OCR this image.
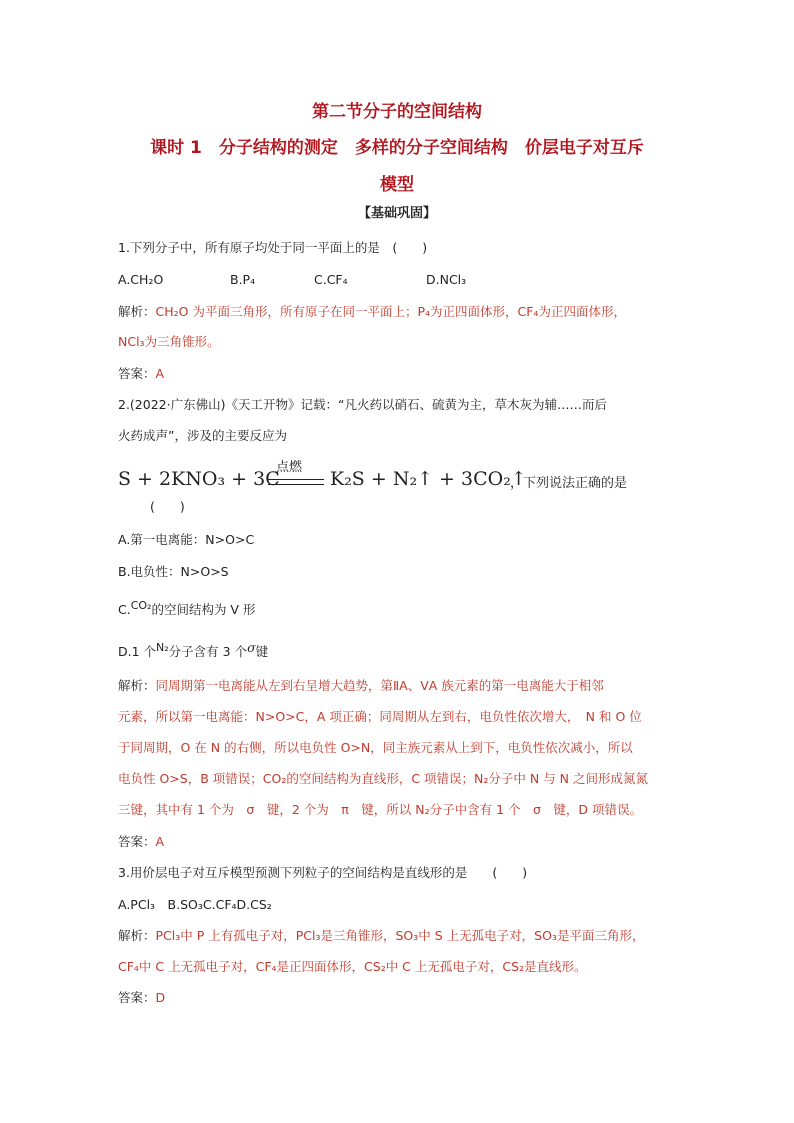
第二节分子的空间结构
课时 1　分子结构的测定　多样的分子空间结构　价层电子对互斥
模型
【基础巩固】
1.下列分子中，所有原子均处于同一平面上的是　(　　)
A.CH₂O	B.P₄	C.CF₄	D.NCl₃
解析：CH₂O 为平面三角形，所有原子在同一平面上；P₄为正四面体形，CF₄为正四面体形，
NCl₃为三角锥形。
答案：A
2.(2022·广东佛山)《天工开物》记载：“凡火药以硝石、硫黄为主，草木灰为辅……而后
火药成声”，涉及的主要反应为
S + 2KNO₃ + 3C
点燃
K₂S + N₂↑ + 3CO₂↑
，下列说法正确的是
(　　)
A.第一电离能：N>O>C
B.电负性：N>O>S
C.CO₂的空间结构为 V 形
D.1 个N₂分子含有 3 个σ键
解析：同周期第一电离能从左到右呈增大趋势，第ⅡA、ⅤA 族元素的第一电离能大于相邻
元素，所以第一电离能：N>O>C，A 项正确；同周期从左到右，电负性依次增大，　N 和 O 位
于同周期，O 在 N 的右侧，所以电负性 O>N，同主族元素从上到下，电负性依次减小，所以
电负性 O>S，B 项错误；CO₂的空间结构为直线形，C 项错误；N₂分子中 N 与 N 之间形成氮氮
三键，其中有 1 个为　σ　键，2 个为　π　键，所以 N₂分子中含有 1 个　σ　键，D 项错误。
答案：A
3.用价层电子对互斥模型预测下列粒子的空间结构是直线形的是　　(　　)
A.PCl₃　B.SO₃C.CF₄D.CS₂
解析：PCl₃中 P 上有孤电子对，PCl₃是三角锥形，SO₃中 S 上无孤电子对，SO₃是平面三角形，
CF₄中 C 上无孤电子对，CF₄是正四面体形，CS₂中 C 上无孤电子对，CS₂是直线形。
答案：D
